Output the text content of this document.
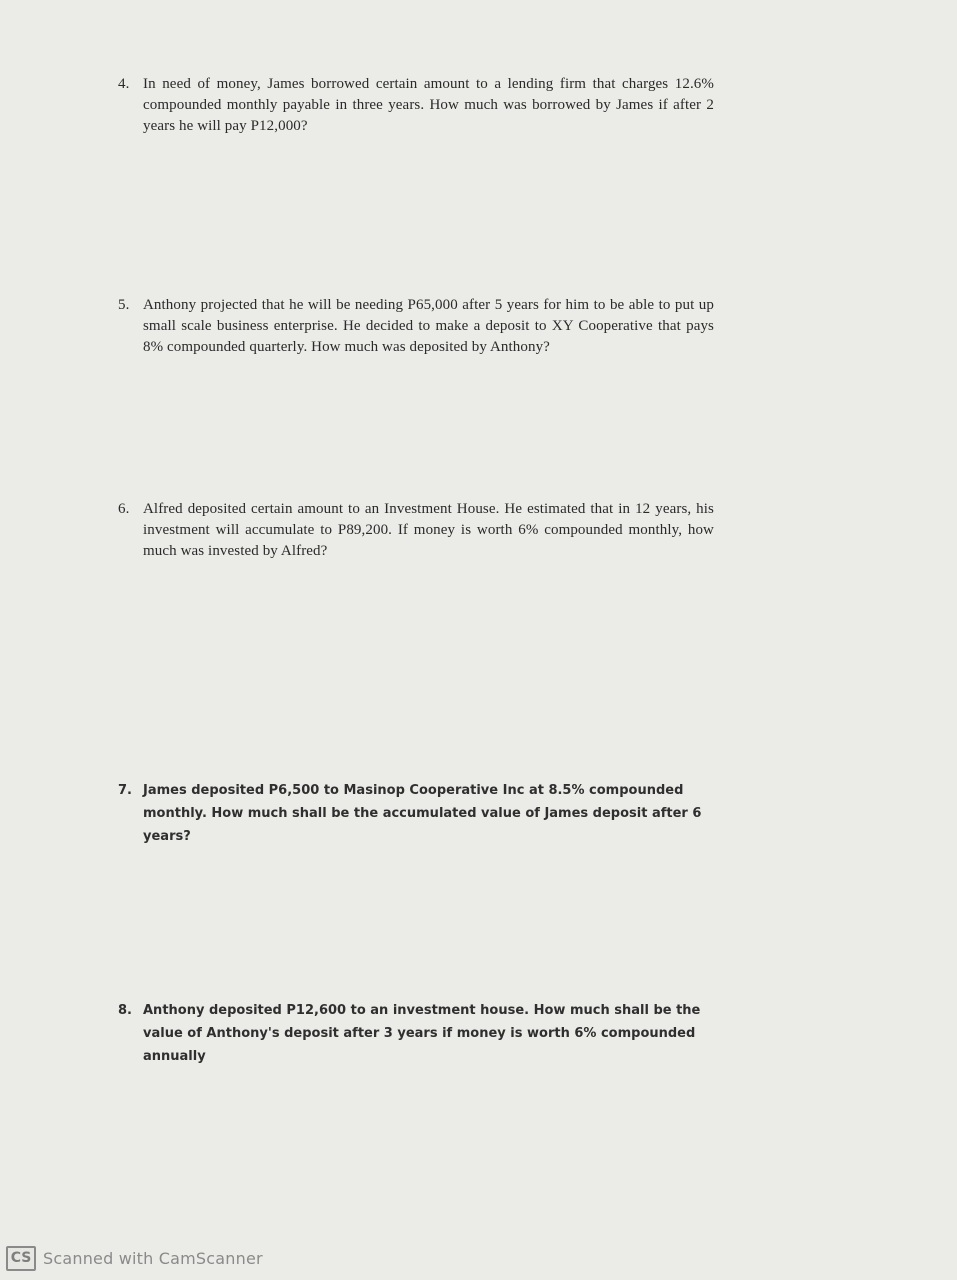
4. In need of money, James borrowed certain amount to a lending firm that charges 12.6% compounded monthly payable in three years. How much was borrowed by James if after 2 years he will pay P12,000?
5. Anthony projected that he will be needing P65,000 after 5 years for him to be able to put up small scale business enterprise. He decided to make a deposit to XY Cooperative that pays 8% compounded quarterly. How much was deposited by Anthony?
6. Alfred deposited certain amount to an Investment House. He estimated that in 12 years, his investment will accumulate to P89,200. If money is worth 6% compounded monthly, how much was invested by Alfred?
7. James deposited P6,500 to Masinop Cooperative Inc at 8.5% compounded monthly. How much shall be the accumulated value of James deposit after 6 years?
8. Anthony deposited P12,600 to an investment house. How much shall be the value of Anthony's deposit after 3 years if money is worth 6% compounded annually
CS Scanned with CamScanner
